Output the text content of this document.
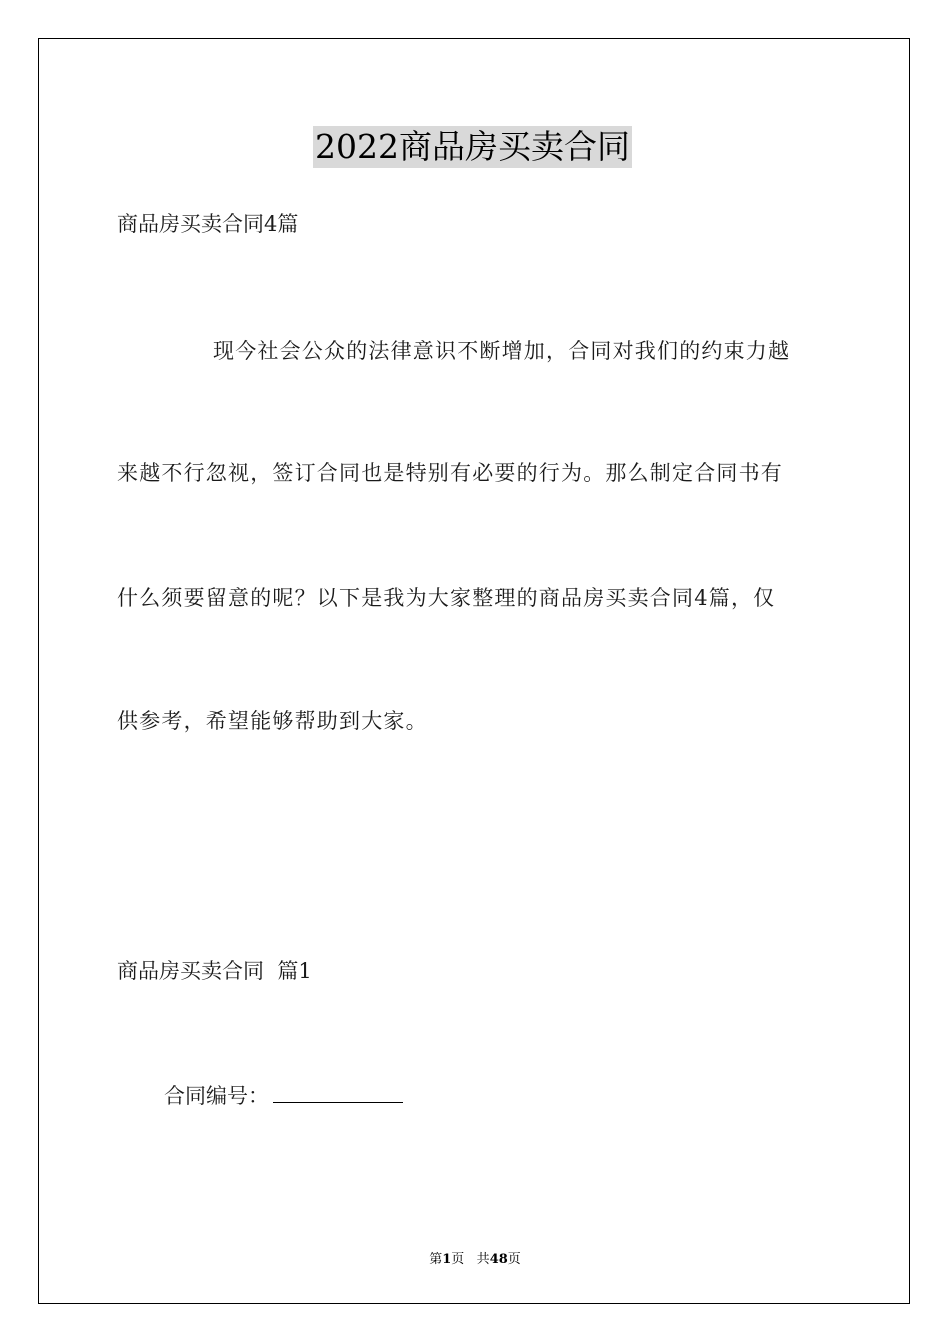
2022商品房买卖合同
商品房买卖合同4篇
现今社会公众的法律意识不断增加，合同对我们的约束力越
来越不行忽视，签订合同也是特别有必要的行为。那么制定合同书有
什么须要留意的呢？以下是我为大家整理的商品房买卖合同4篇，仅
供参考，希望能够帮助到大家。
商品房买卖合同  篇1
合同编号：
第1页 共48页
